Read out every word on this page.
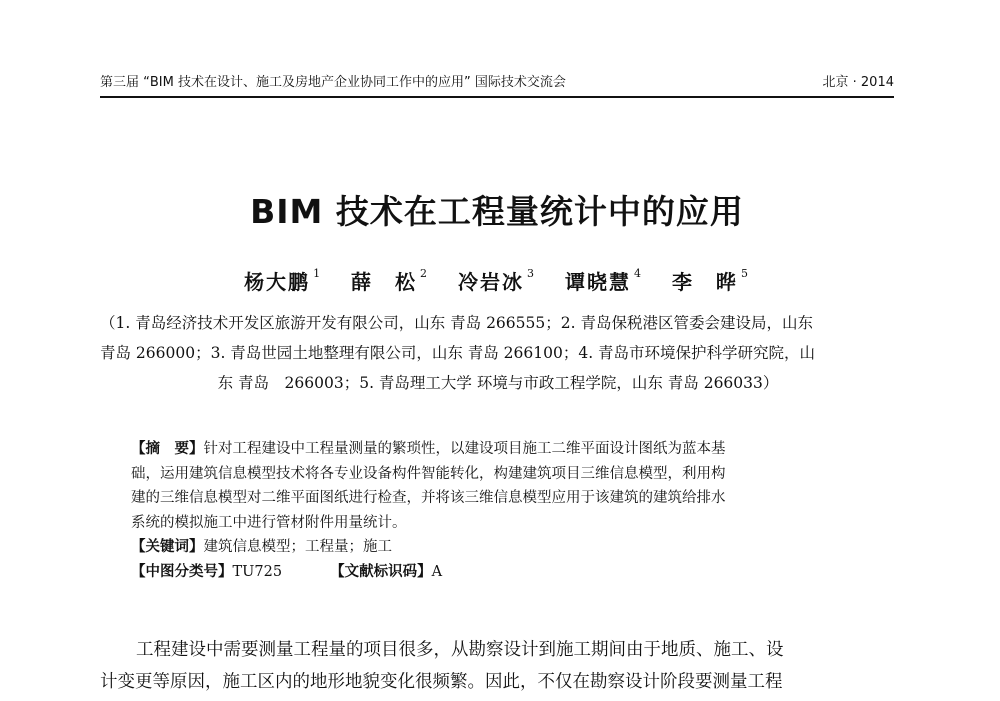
第三届 “BIM 技术在设计、施工及房地产企业协同工作中的应用” 国际技术交流会	北京 · 2014
BIM 技术在工程量统计中的应用
杨大鹏 $^1$ 薛　松 $^2$ 冷岩冰 $^3$ 谭晓慧 $^4$ 李　晔 $^5$
（1. 青岛经济技术开发区旅游开发有限公司，山东 青岛 266555；2. 青岛保税港区管委会建设局，山东
青岛 266000；3. 青岛世园土地整理有限公司，山东 青岛 266100；4. 青岛市环境保护科学研究院，山
东 青岛　266003；5. 青岛理工大学 环境与市政工程学院，山东 青岛 266033）
【摘　要】针对工程建设中工程量测量的繁琐性，以建设项目施工二维平面设计图纸为蓝本基
础，运用建筑信息模型技术将各专业设备构件智能转化，构建建筑项目三维信息模型，利用构
建的三维信息模型对二维平面图纸进行检查，并将该三维信息模型应用于该建筑的建筑给排水
系统的模拟施工中进行管材附件用量统计。
【关键词】建筑信息模型；工程量；施工
【中图分类号】TU725	【文献标识码】A
工程建设中需要测量工程量的项目很多，从勘察设计到施工期间由于地质、施工、设
计变更等原因，施工区内的地形地貌变化很频繁。因此，不仅在勘察设计阶段要测量工程
